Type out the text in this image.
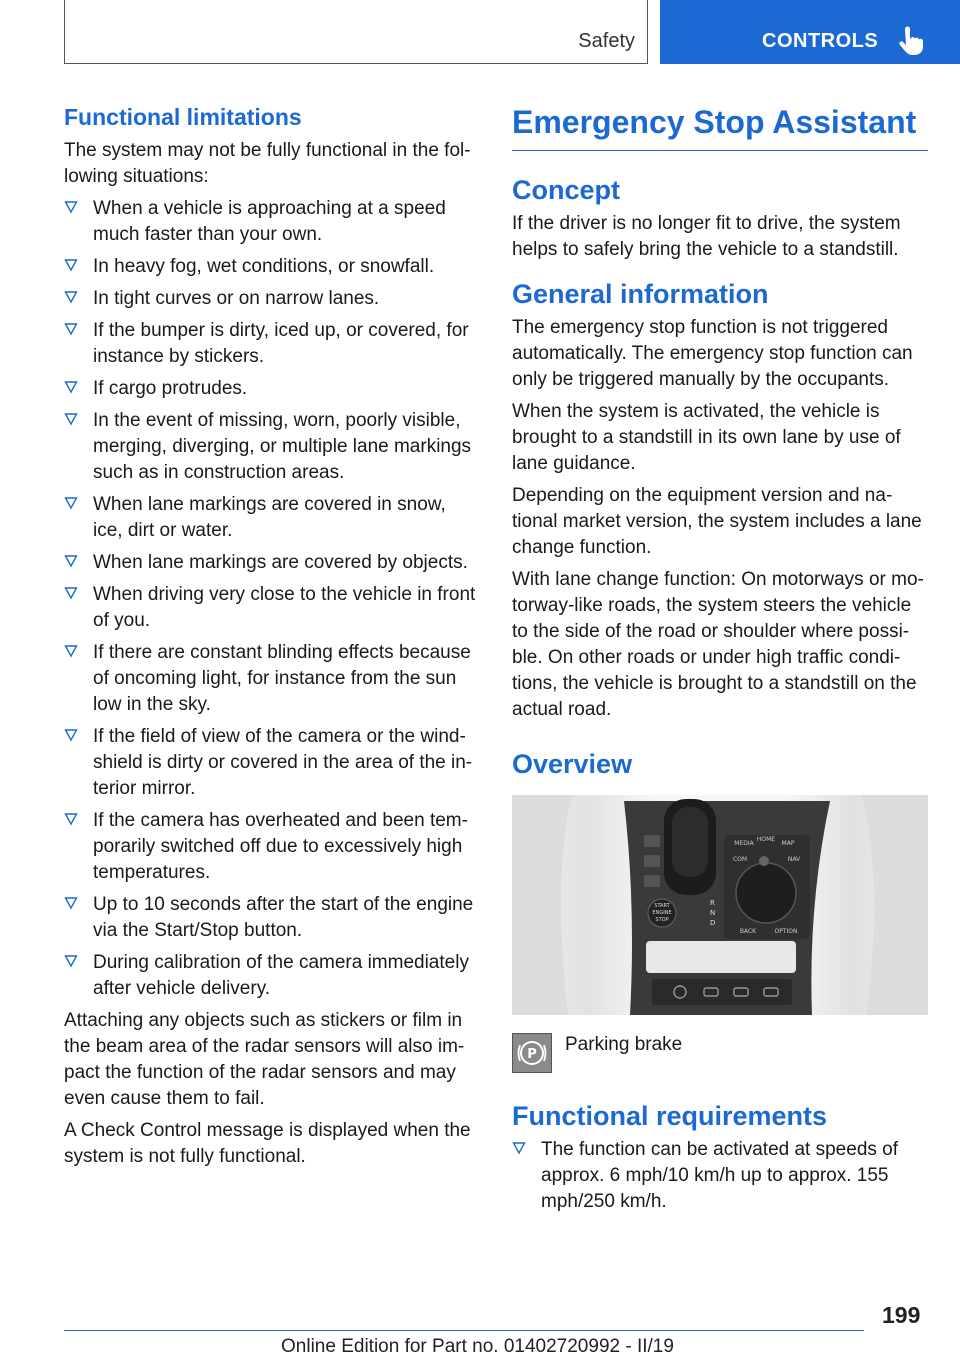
Safety	CONTROLS
Functional limitations

The system may not be fully functional in the fol-
lowing situations:

When a vehicle is approaching at a speed much faster than your own.
In heavy fog, wet conditions, or snowfall.
In tight curves or on narrow lanes.
If the bumper is dirty, iced up, or covered, for instance by stickers.
If cargo protrudes.
In the event of missing, worn, poorly visible, merging, diverging, or multiple lane markings such as in construction areas.
When lane markings are covered in snow, ice, dirt or water.
When lane markings are covered by objects.
When driving very close to the vehicle in front of you.
If there are constant blinding effects because of oncoming light, for instance from the sun low in the sky.
If the field of view of the camera or the wind-shield is dirty or covered in the area of the in-terior mirror.
If the camera has overheated and been tem-porarily switched off due to excessively high temperatures.
Up to 10 seconds after the start of the engine via the Start/Stop button.
During calibration of the camera immediately after vehicle delivery.

Attaching any objects such as stickers or film in the beam area of the radar sensors will also im-pact the function of the radar sensors and may even cause them to fail.

A Check Control message is displayed when the system is not fully functional.

Emergency Stop Assistant
Concept

If the driver is no longer fit to drive, the system helps to safely bring the vehicle to a standstill.

General information

The emergency stop function is not triggered automatically. The emergency stop function can only be triggered manually by the occupants.

When the system is activated, the vehicle is brought to a standstill in its own lane by use of lane guidance.

Depending on the equipment version and na-tional market version, the system includes a lane change function.

With lane change function: On motorways or mo-torway-like roads, the system steers the vehicle to the side of the road or shoulder where possi-ble. On other roads or under high traffic condi-tions, the vehicle is brought to a standstill on the actual road.

Overview
START
ENGINE
STOP
MEDIA
HOME
MAP
COM	NAV
BACK	OPTION
R
N
D
P Parking brake
Functional requirements
The function can be activated at speeds of approx. 6 mph/10 km/h up to approx. 155 mph/250 km/h.
199
Online Edition for Part no. 01402720992 - II/19
